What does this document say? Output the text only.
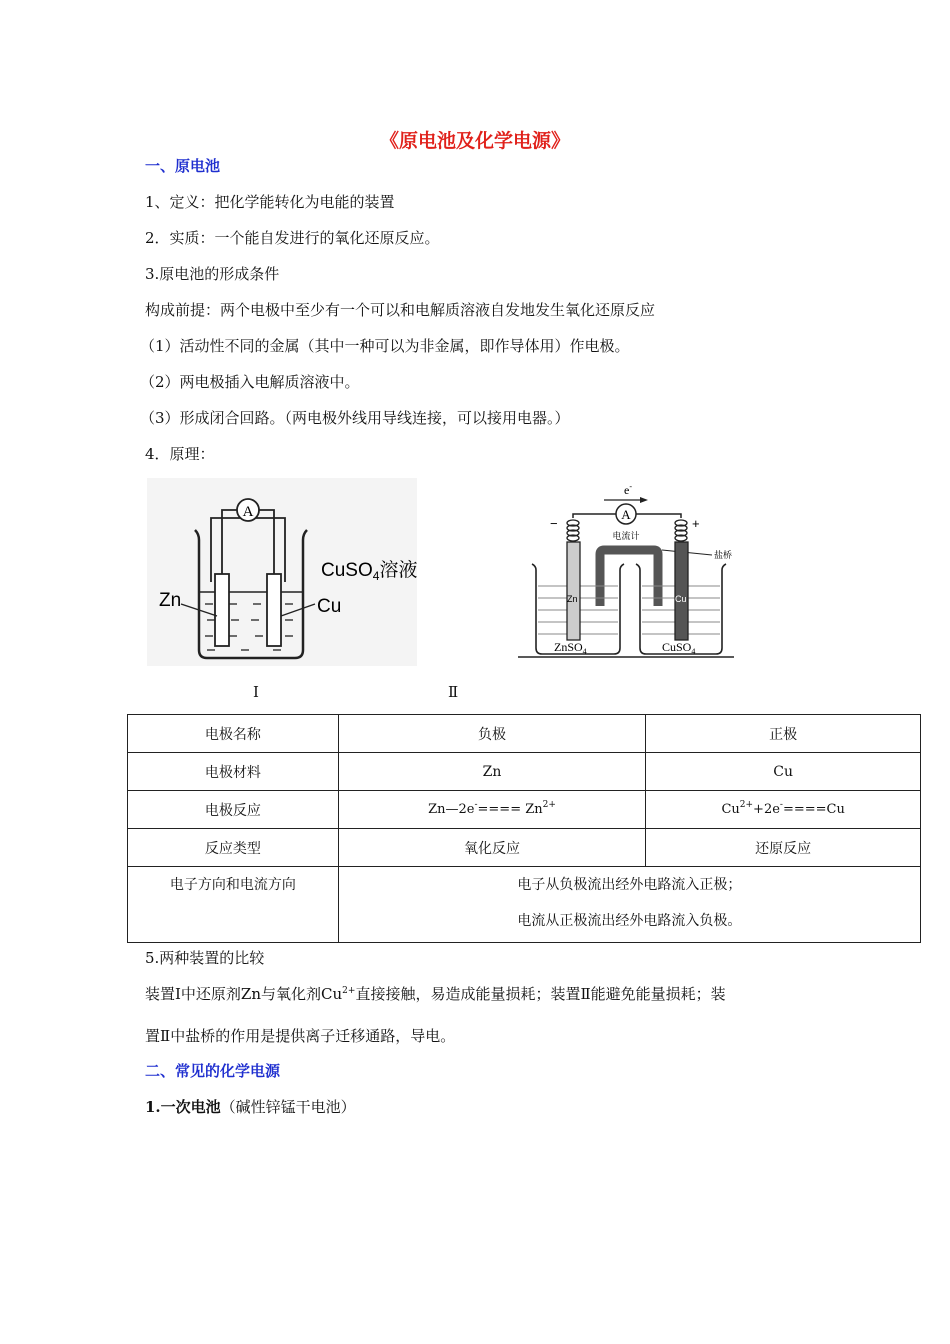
《原电池及化学电源》
一、原电池
1、定义：把化学能转化为电能的装置
2．实质：一个能自发进行的氧化还原反应。
3.原电池的形成条件
构成前提：两个电极中至少有一个可以和电解质溶液自发地发生氧化还原反应
（1）活动性不同的金属（其中一种可以为非金属，即作导体用）作电极。
（2）两电极插入电解质溶液中。
（3）形成闭合回路。（两电极外线用导线连接，可以接用电器。）
4．原理：
A
Zn	Cu
CuSO$_4$溶液
e-
A
电流计
−	+
盐桥
Zn	Cu
ZnSO$_4$	CuSO$_4$
Ⅰ	Ⅱ
电极名称	负极	正极
电极材料	Zn	Cu
电极反应	Zn—2e-==== $Zn^{2+}$	$Cu^{2+}+2e^-====Cu$
反应类型	氧化反应	还原反应

电子方向和电流方向	电子从负极流出经外电路流入正极；
电流从正极流出经外电路流入负极。	
5.两种装置的比较
装置Ⅰ中还原剂Zn与氧化剂$Cu^{2+}$直接接触，易造成能量损耗；装置Ⅱ能避免能量损耗；装
置Ⅱ中盐桥的作用是提供离子迁移通路，导电。
二、常见的化学电源
1.一次电池（碱性锌锰干电池）
